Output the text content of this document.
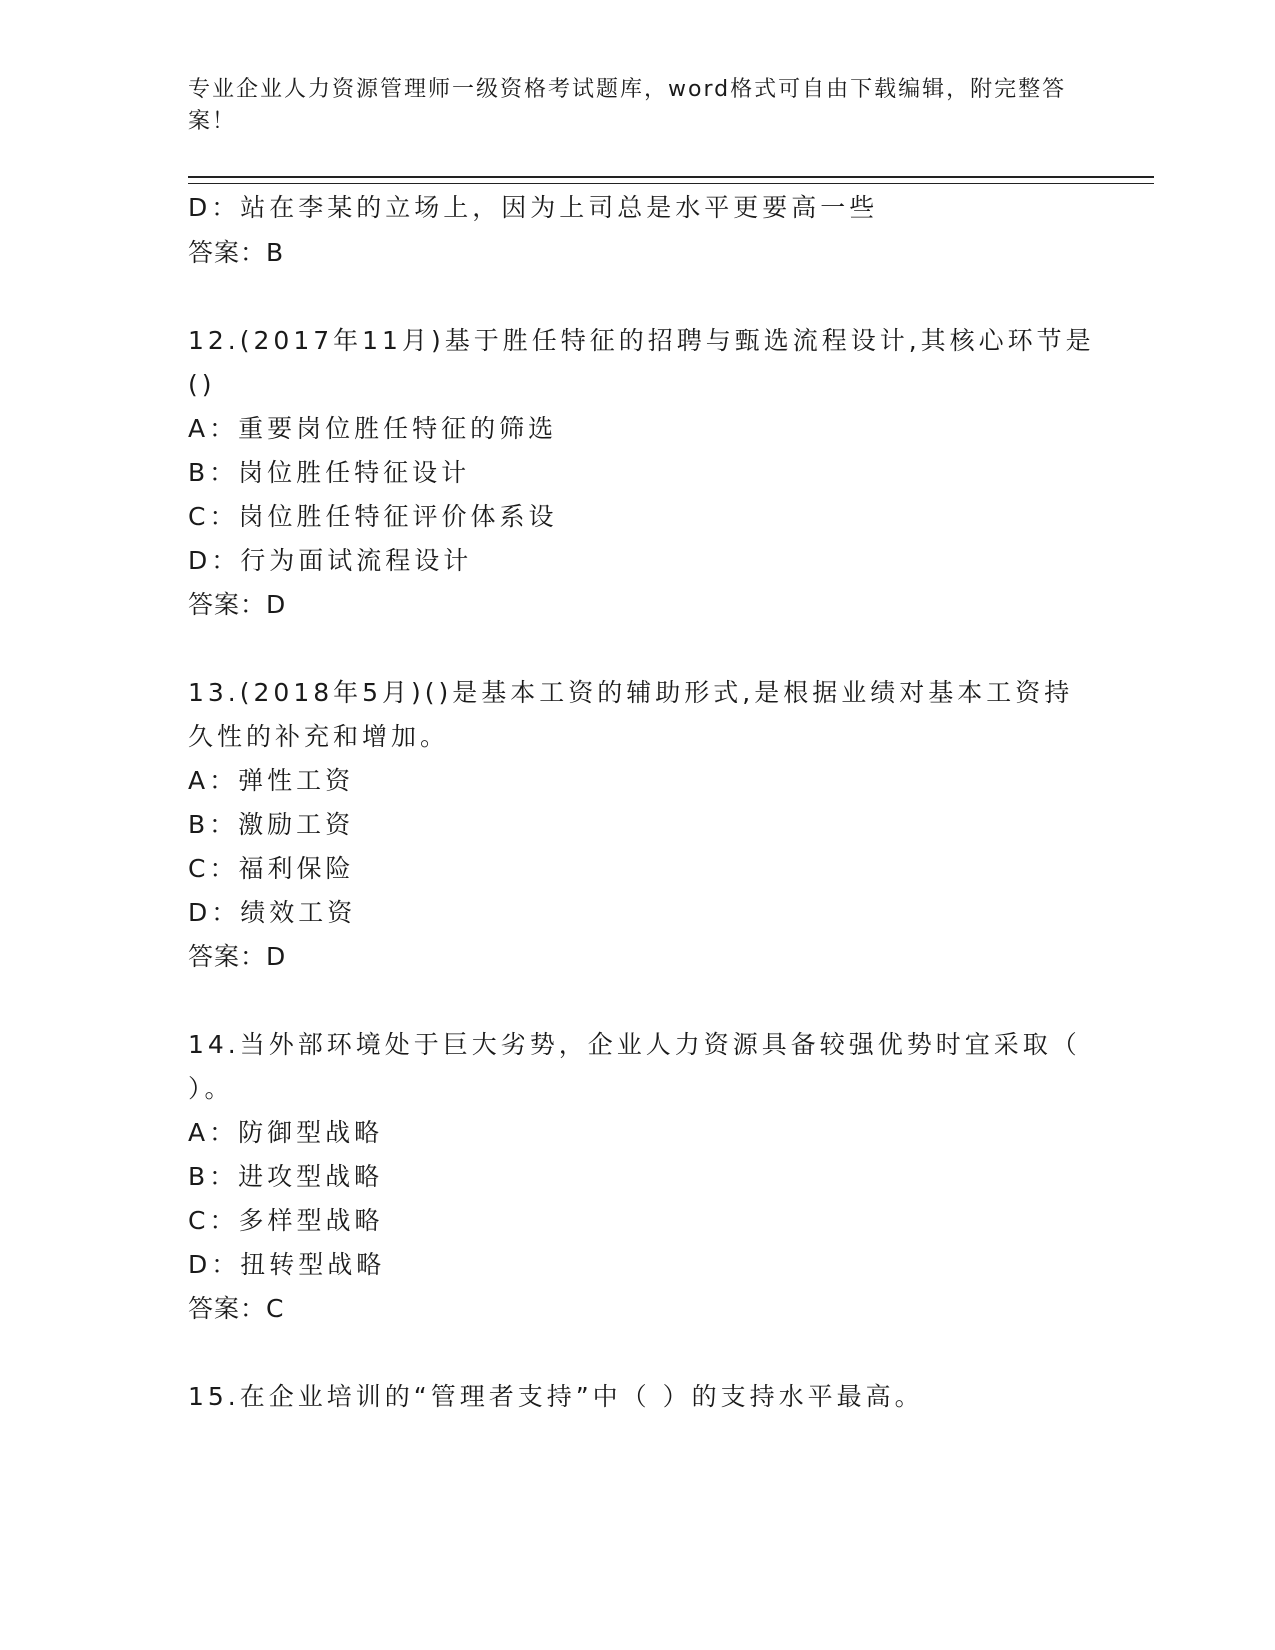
专业企业人力资源管理师一级资格考试题库，word格式可自由下载编辑，附完整答案！
D：站在李某的立场上，因为上司总是水平更要高一些
答案：B
12.(2017年11月)基于胜任特征的招聘与甄选流程设计,其核心环节是
()
A：重要岗位胜任特征的筛选
B：岗位胜任特征设计
C：岗位胜任特征评价体系设
D：行为面试流程设计
答案：D
13.(2018年5月)()是基本工资的辅助形式,是根据业绩对基本工资持
久性的补充和增加。
A：弹性工资
B：激励工资
C：福利保险
D：绩效工资
答案：D
14.当外部环境处于巨大劣势，企业人力资源具备较强优势时宜采取（
）。
A：防御型战略
B：进攻型战略
C：多样型战略
D：扭转型战略
答案：C
15.在企业培训的“管理者支持”中（ ）的支持水平最高。
